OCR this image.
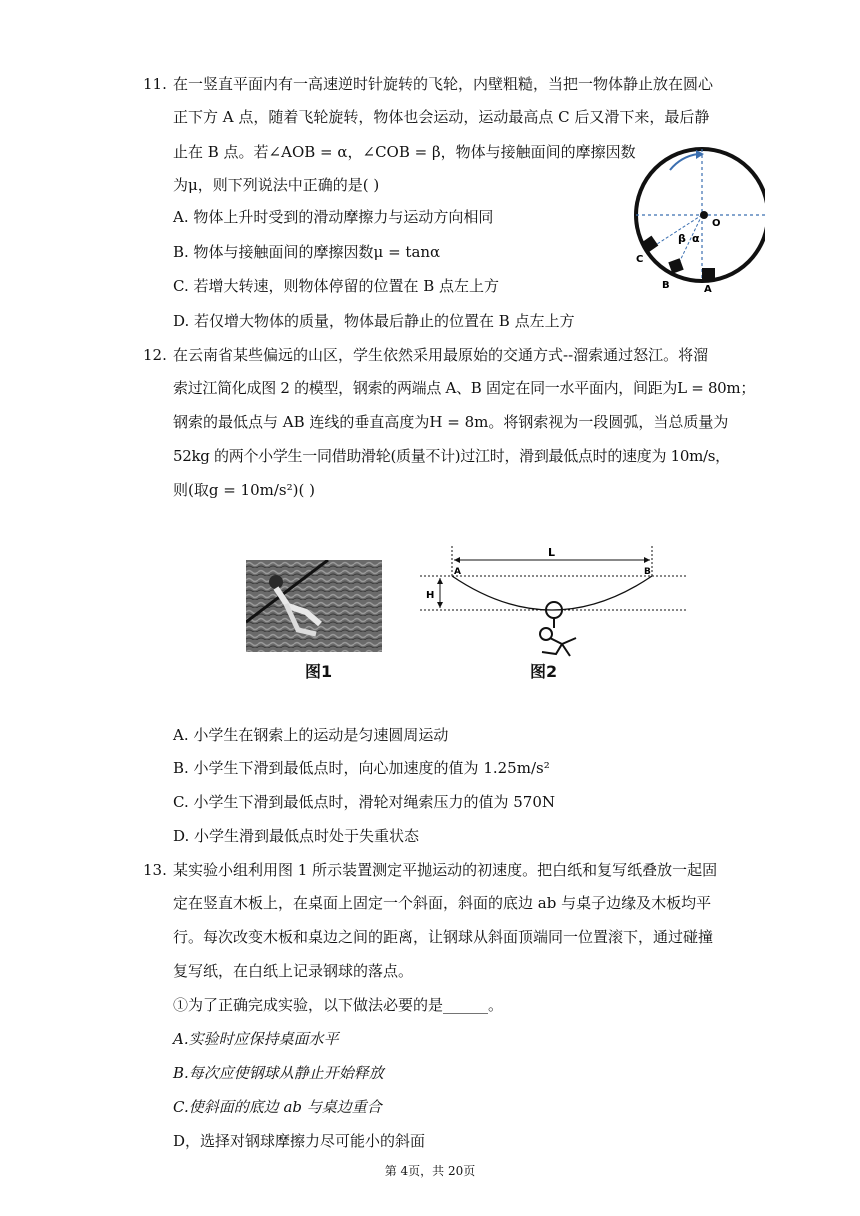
11. 在一竖直平面内有一高速逆时针旋转的飞轮，内壁粗糙，当把一物体静止放在圆心
正下方 A 点，随着飞轮旋转，物体也会运动，运动最高点 C 后又滑下来，最后静
止在 B 点。若∠AOB = α，∠COB = β，物体与接触面间的摩擦因数
为μ，则下列说法中正确的是( )
A. 物体上升时受到的滑动摩擦力与运动方向相同
B. 物体与接触面间的摩擦因数μ = tanα
C. 若增大转速，则物体停留的位置在 B 点左上方
D. 若仅增大物体的质量，物体最后静止的位置在 B 点左上方
O
β α
C
B	A
12. 在云南省某些偏远的山区，学生依然采用最原始的交通方式--溜索通过怒江。将溜
索过江简化成图 2 的模型，钢索的两端点 A、B 固定在同一水平面内，间距为L = 80m；
钢索的最低点与 AB 连线的垂直高度为H = 8m。将钢索视为一段圆弧，当总质量为
52kg 的两个小学生一同借助滑轮(质量不计)过江时，滑到最低点时的速度为 10m/s，
则(取g = 10m/s²)( )
图1
L
A	B
H
图2
A. 小学生在钢索上的运动是匀速圆周运动
B. 小学生下滑到最低点时，向心加速度的值为 1.25m/s²
C. 小学生下滑到最低点时，滑轮对绳索压力的值为 570N
D. 小学生滑到最低点时处于失重状态
13. 某实验小组利用图 1 所示装置测定平抛运动的初速度。把白纸和复写纸叠放一起固
定在竖直木板上，在桌面上固定一个斜面，斜面的底边 ab 与桌子边缘及木板均平
行。每次改变木板和桌边之间的距离，让钢球从斜面顶端同一位置滚下，通过碰撞
复写纸，在白纸上记录钢球的落点。
①为了正确完成实验，以下做法必要的是______。
A.实验时应保持桌面水平
B.每次应使钢球从静止开始释放
C.使斜面的底边 ab 与桌边重合
D，选择对钢球摩擦力尽可能小的斜面
第 4页，共 20页
